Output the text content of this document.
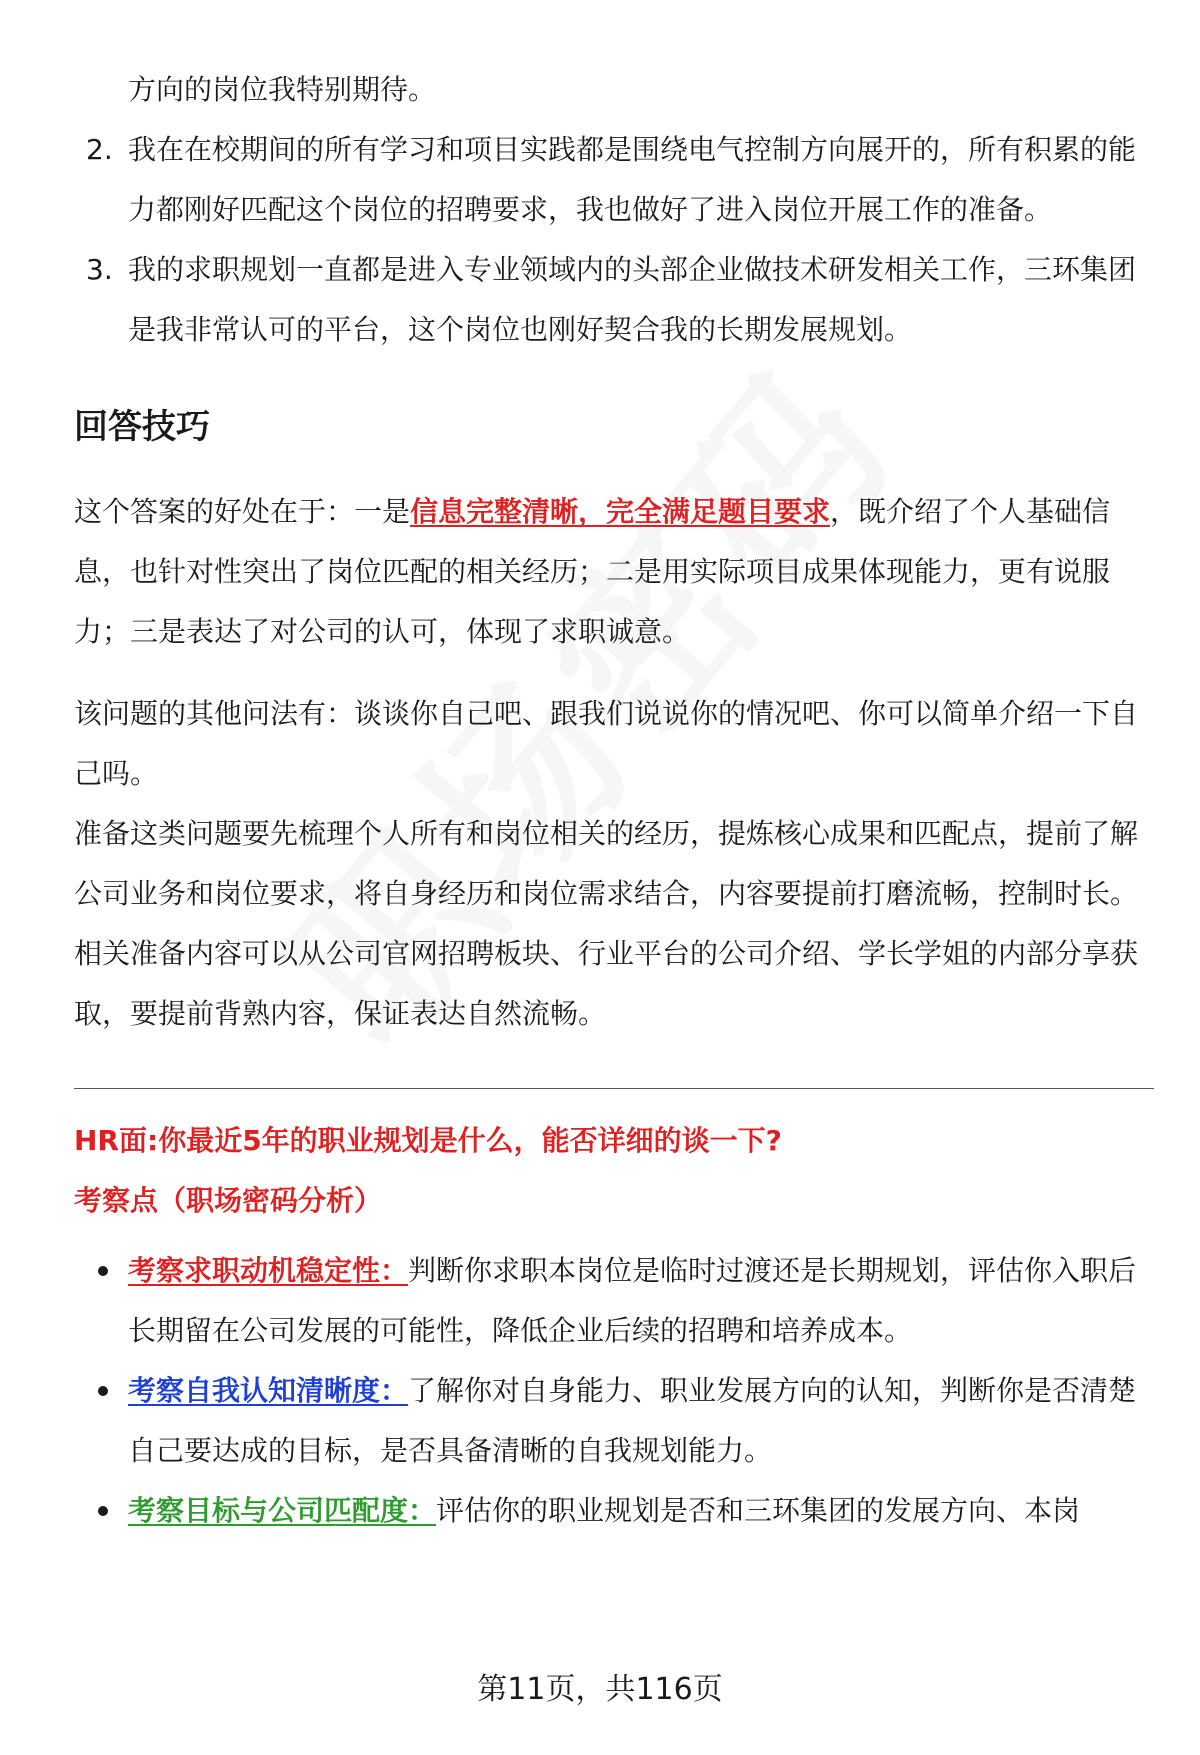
方向的岗位我特别期待。

2. 我在在校期间的所有学习和项目实践都是围绕电气控制方向展开的，所有积累的能力都刚好匹配这个岗位的招聘要求，我也做好了进入岗位开展工作的准备。
3. 我的求职规划一直都是进入专业领域内的头部企业做技术研发相关工作，三环集团是我非常认可的平台，这个岗位也刚好契合我的长期发展规划。
回答技巧

这个答案的好处在于：一是信息完整清晰，完全满足题目要求，既介绍了个人基础信息，也针对性突出了岗位匹配的相关经历；二是用实际项目成果体现能力，更有说服力；三是表达了对公司的认可，体现了求职诚意。

该问题的其他问法有：谈谈你自己吧、跟我们说说你的情况吧、你可以简单介绍一下自己吗。

准备这类问题要先梳理个人所有和岗位相关的经历，提炼核心成果和匹配点，提前了解公司业务和岗位要求，将自身经历和岗位需求结合，内容要提前打磨流畅，控制时长。相关准备内容可以从公司官网招聘板块、行业平台的公司介绍、学长学姐的内部分享获取，要提前背熟内容，保证表达自然流畅。

HR面:你最近5年的职业规划是什么，能否详细的谈一下?

考察点（职场密码分析）

考察求职动机稳定性：判断你求职本岗位是临时过渡还是长期规划，评估你入职后长期留在公司发展的可能性，降低企业后续的招聘和培养成本。
考察自我认知清晰度：了解你对自身能力、职业发展方向的认知，判断你是否清楚自己要达成的目标，是否具备清晰的自我规划能力。
考察目标与公司匹配度：评估你的职业规划是否和三环集团的发展方向、本岗
第11页，共116页
